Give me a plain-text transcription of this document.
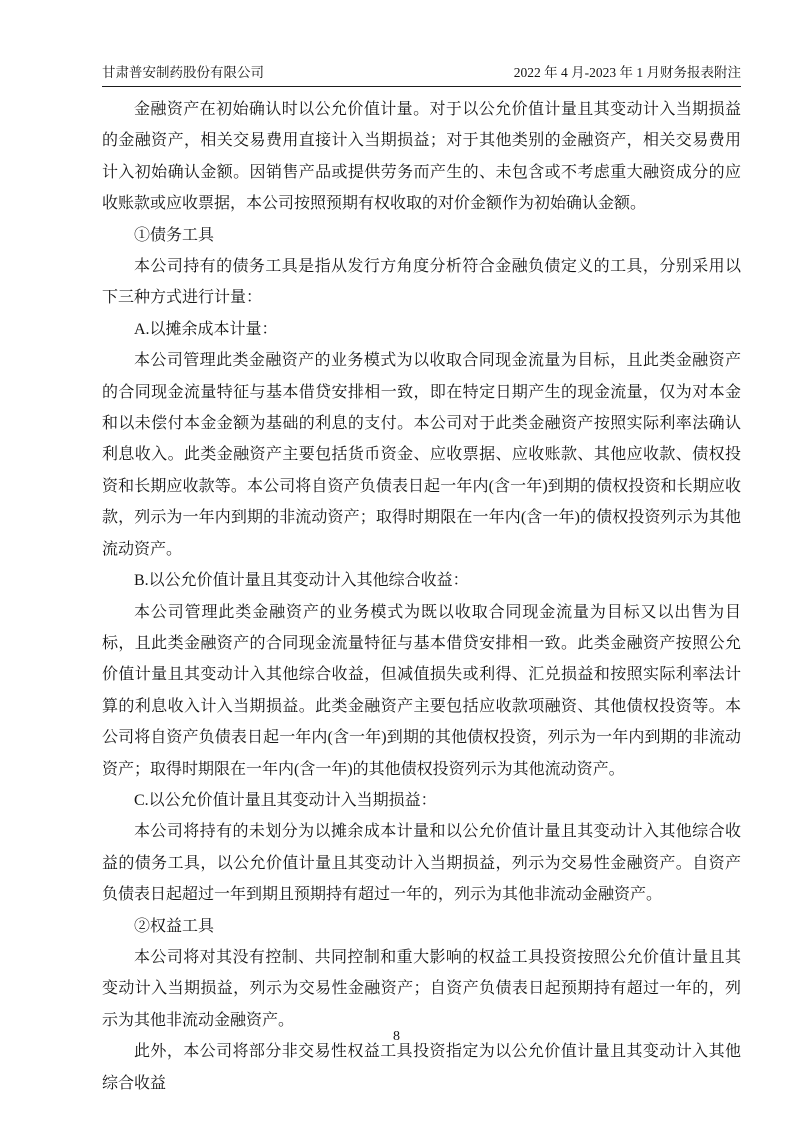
甘肃普安制药股份有限公司	2022 年 4 月-2023 年 1 月财务报表附注

金融资产在初始确认时以公允价值计量。对于以公允价值计量且其变动计入当期损益的金融资产，相关交易费用直接计入当期损益；对于其他类别的金融资产，相关交易费用计入初始确认金额。因销售产品或提供劳务而产生的、未包含或不考虑重大融资成分的应收账款或应收票据，本公司按照预期有权收取的对价金额作为初始确认金额。

①债务工具

本公司持有的债务工具是指从发行方角度分析符合金融负债定义的工具，分别采用以下三种方式进行计量：

A.以摊余成本计量：

本公司管理此类金融资产的业务模式为以收取合同现金流量为目标，且此类金融资产的合同现金流量特征与基本借贷安排相一致，即在特定日期产生的现金流量，仅为对本金和以未偿付本金金额为基础的利息的支付。本公司对于此类金融资产按照实际利率法确认利息收入。此类金融资产主要包括货币资金、应收票据、应收账款、其他应收款、债权投资和长期应收款等。本公司将自资产负债表日起一年内(含一年)到期的债权投资和长期应收款，列示为一年内到期的非流动资产；取得时期限在一年内(含一年)的债权投资列示为其他流动资产。

B.以公允价值计量且其变动计入其他综合收益：

本公司管理此类金融资产的业务模式为既以收取合同现金流量为目标又以出售为目标，且此类金融资产的合同现金流量特征与基本借贷安排相一致。此类金融资产按照公允价值计量且其变动计入其他综合收益，但减值损失或利得、汇兑损益和按照实际利率法计算的利息收入计入当期损益。此类金融资产主要包括应收款项融资、其他债权投资等。本公司将自资产负债表日起一年内(含一年)到期的其他债权投资，列示为一年内到期的非流动资产；取得时期限在一年内(含一年)的其他债权投资列示为其他流动资产。

C.以公允价值计量且其变动计入当期损益：

本公司将持有的未划分为以摊余成本计量和以公允价值计量且其变动计入其他综合收益的债务工具，以公允价值计量且其变动计入当期损益，列示为交易性金融资产。自资产负债表日起超过一年到期且预期持有超过一年的，列示为其他非流动金融资产。

②权益工具

本公司将对其没有控制、共同控制和重大影响的权益工具投资按照公允价值计量且其变动计入当期损益，列示为交易性金融资产；自资产负债表日起预期持有超过一年的，列示为其他非流动金融资产。

此外，本公司将部分非交易性权益工具投资指定为以公允价值计量且其变动计入其他综合收益

8
